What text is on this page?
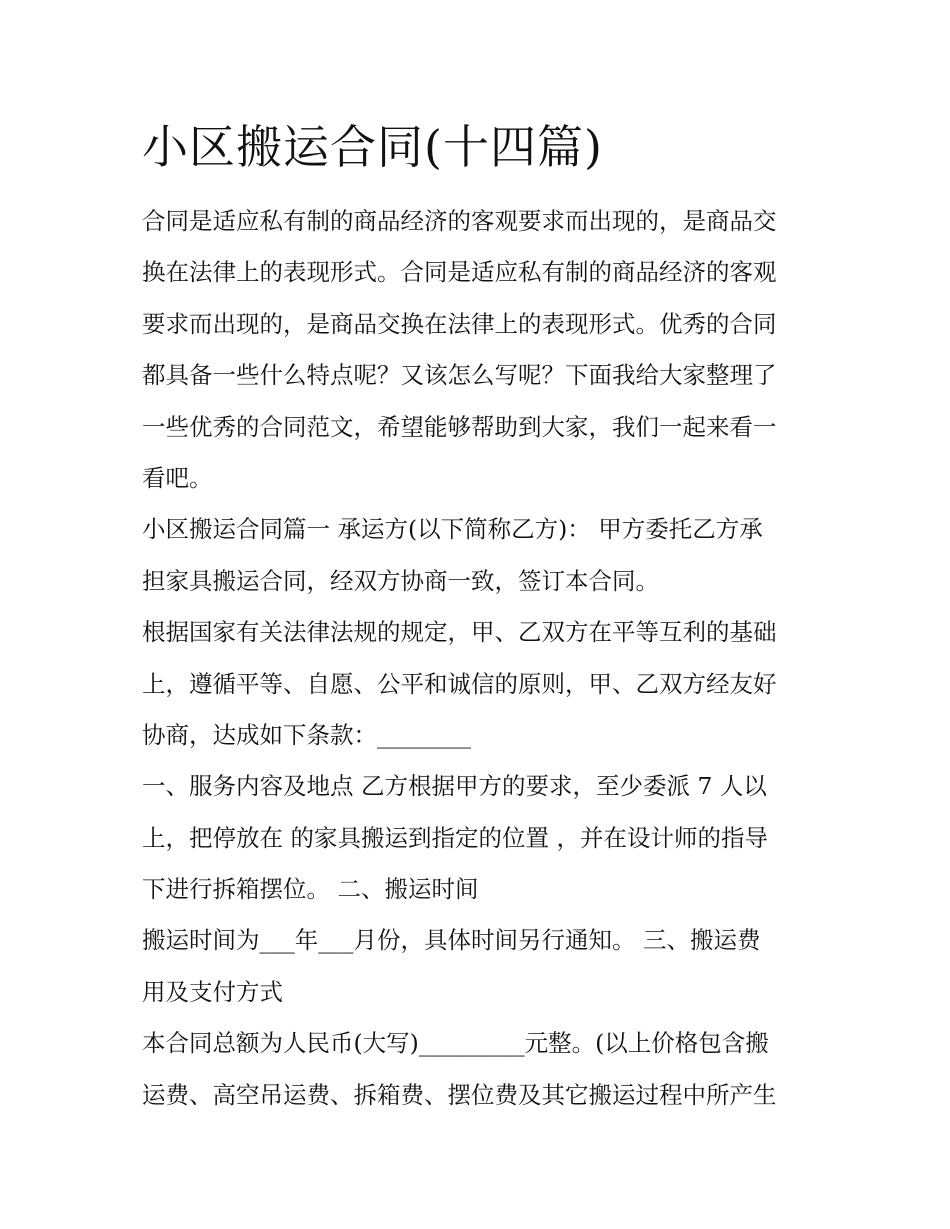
小区搬运合同(十四篇)
合同是适应私有制的商品经济的客观要求而出现的，是商品交
换在法律上的表现形式。合同是适应私有制的商品经济的客观
要求而出现的，是商品交换在法律上的表现形式。优秀的合同
都具备一些什么特点呢？又该怎么写呢？下面我给大家整理了
一些优秀的合同范文，希望能够帮助到大家，我们一起来看一
看吧。
小区搬运合同篇一 承运方(以下简称乙方)： 甲方委托乙方承
担家具搬运合同，经双方协商一致，签订本合同。
根据国家有关法律法规的规定，甲、乙双方在平等互利的基础
上，遵循平等、自愿、公平和诚信的原则，甲、乙双方经友好
协商，达成如下条款：________
一、服务内容及地点 乙方根据甲方的要求，至少委派 7 人以
上，把停放在 的家具搬运到指定的位置 ，并在设计师的指导
下进行拆箱摆位。 二、搬运时间
搬运时间为___年___月份，具体时间另行通知。 三、搬运费
用及支付方式
本合同总额为人民币(大写)_________元整。(以上价格包含搬
运费、高空吊运费、拆箱费、摆位费及其它搬运过程中所产生
